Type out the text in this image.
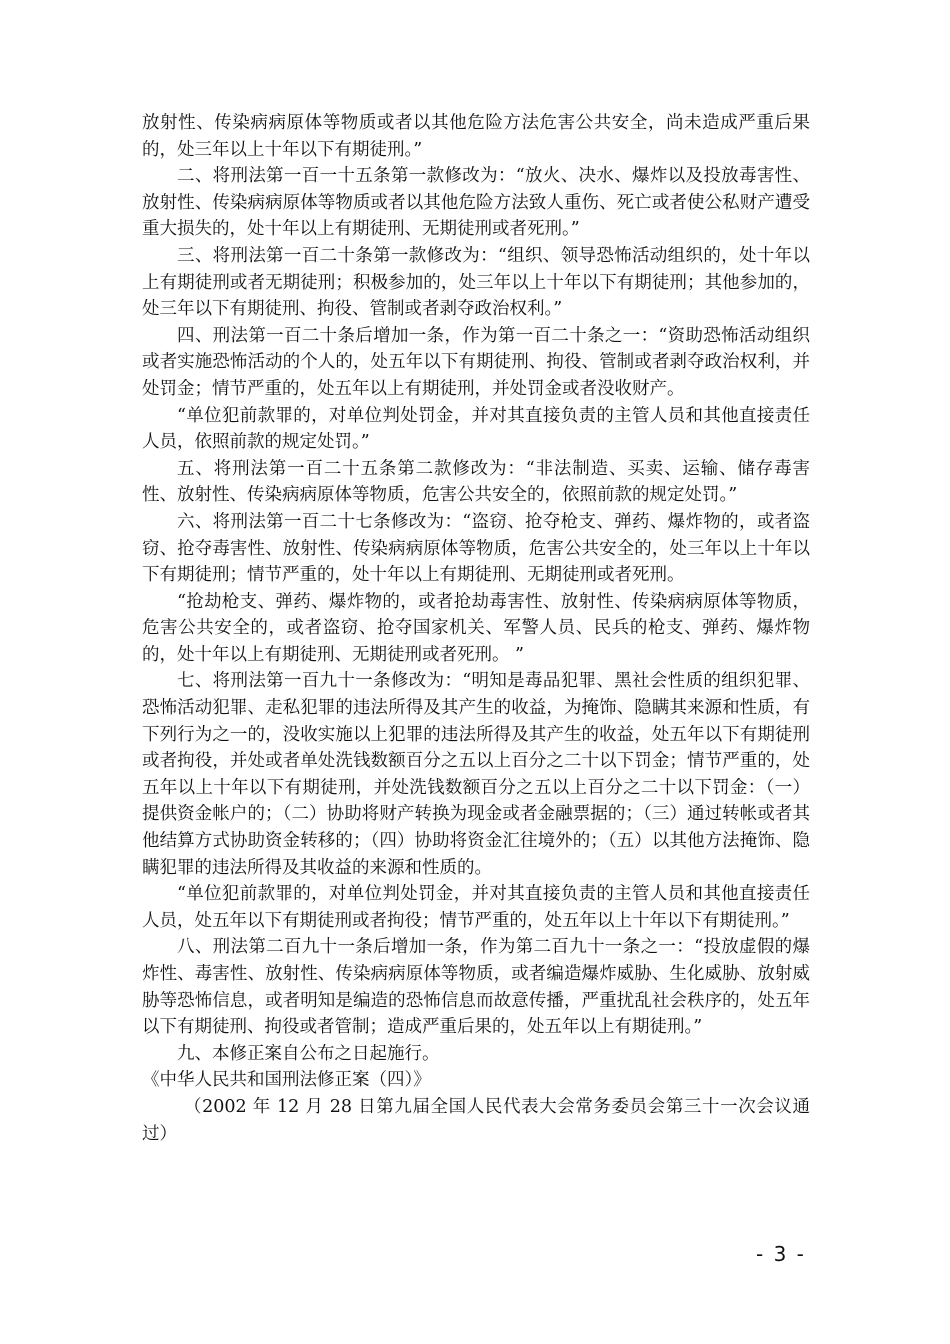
放射性、传染病病原体等物质或者以其他危险方法危害公共安全，尚未造成严重后果的，处三年以上十年以下有期徒刑。”

二、将刑法第一百一十五条第一款修改为：“放火、决水、爆炸以及投放毒害性、放射性、传染病病原体等物质或者以其他危险方法致人重伤、死亡或者使公私财产遭受重大损失的，处十年以上有期徒刑、无期徒刑或者死刑。”

三、将刑法第一百二十条第一款修改为：“组织、领导恐怖活动组织的，处十年以上有期徒刑或者无期徒刑；积极参加的，处三年以上十年以下有期徒刑；其他参加的，处三年以下有期徒刑、拘役、管制或者剥夺政治权利。”

四、刑法第一百二十条后增加一条，作为第一百二十条之一：“资助恐怖活动组织或者实施恐怖活动的个人的，处五年以下有期徒刑、拘役、管制或者剥夺政治权利，并处罚金；情节严重的，处五年以上有期徒刑，并处罚金或者没收财产。

“单位犯前款罪的，对单位判处罚金，并对其直接负责的主管人员和其他直接责任人员，依照前款的规定处罚。”

五、将刑法第一百二十五条第二款修改为：“非法制造、买卖、运输、储存毒害性、放射性、传染病病原体等物质，危害公共安全的，依照前款的规定处罚。”

六、将刑法第一百二十七条修改为：“盗窃、抢夺枪支、弹药、爆炸物的，或者盗窃、抢夺毒害性、放射性、传染病病原体等物质，危害公共安全的，处三年以上十年以下有期徒刑；情节严重的，处十年以上有期徒刑、无期徒刑或者死刑。

“抢劫枪支、弹药、爆炸物的，或者抢劫毒害性、放射性、传染病病原体等物质，危害公共安全的，或者盗窃、抢夺国家机关、军警人员、民兵的枪支、弹药、爆炸物的，处十年以上有期徒刑、无期徒刑或者死刑。 ”

七、将刑法第一百九十一条修改为：“明知是毒品犯罪、黑社会性质的组织犯罪、恐怖活动犯罪、走私犯罪的违法所得及其产生的收益，为掩饰、隐瞒其来源和性质，有下列行为之一的，没收实施以上犯罪的违法所得及其产生的收益，处五年以下有期徒刑或者拘役，并处或者单处洗钱数额百分之五以上百分之二十以下罚金；情节严重的，处五年以上十年以下有期徒刑，并处洗钱数额百分之五以上百分之二十以下罚金：（一）提供资金帐户的；（二）协助将财产转换为现金或者金融票据的；（三）通过转帐或者其他结算方式协助资金转移的；（四）协助将资金汇往境外的；（五）以其他方法掩饰、隐瞒犯罪的违法所得及其收益的来源和性质的。

“单位犯前款罪的，对单位判处罚金，并对其直接负责的主管人员和其他直接责任人员，处五年以下有期徒刑或者拘役；情节严重的，处五年以上十年以下有期徒刑。”

八、刑法第二百九十一条后增加一条，作为第二百九十一条之一：“投放虚假的爆炸性、毒害性、放射性、传染病病原体等物质，或者编造爆炸威胁、生化威胁、放射威胁等恐怖信息，或者明知是编造的恐怖信息而故意传播，严重扰乱社会秩序的，处五年以下有期徒刑、拘役或者管制；造成严重后果的，处五年以上有期徒刑。”

九、本修正案自公布之日起施行。

《中华人民共和国刑法修正案（四）》

（2002 年 12 月 28 日第九届全国人民代表大会常务委员会第三十一次会议通过）

- 3 -
